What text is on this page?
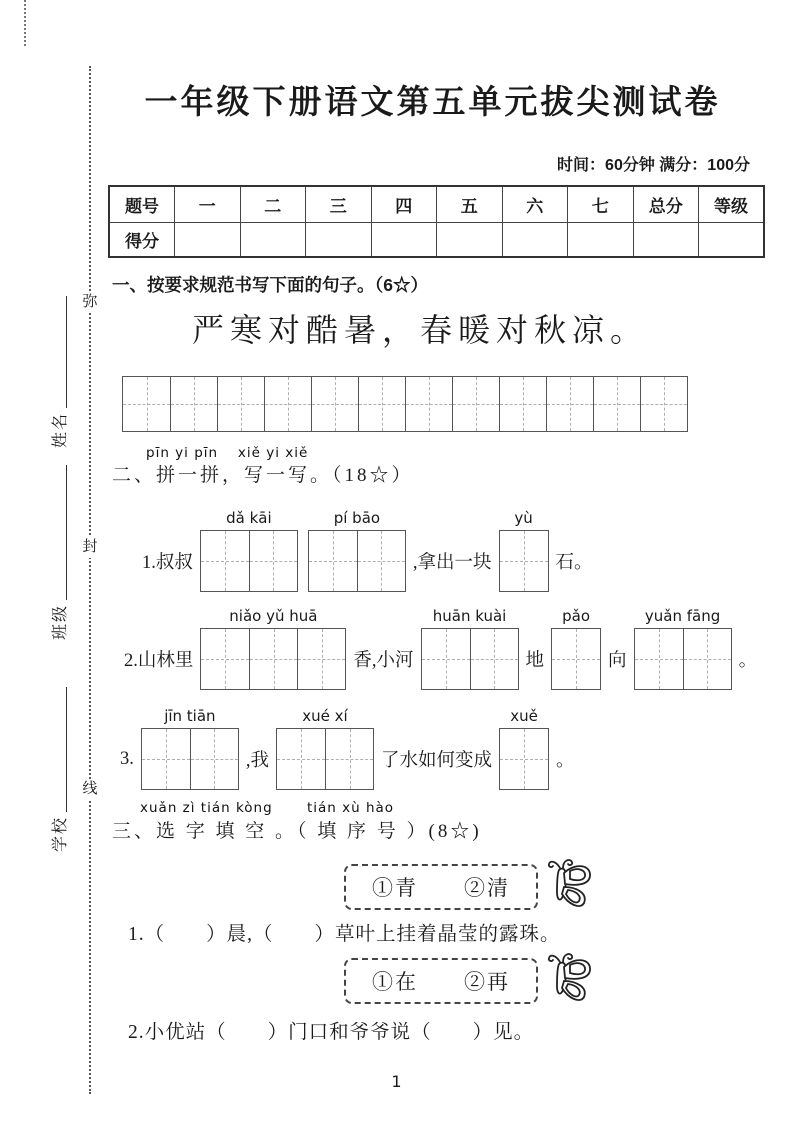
弥
封
线
姓名
班级
学校
一年级下册语文第五单元拔尖测试卷
时间：60分钟 满分：100分
题号	一	二	三	四	五	六	七	总分	等级
得分									
一、按要求规范书写下面的句子。（6☆）
严寒对酷暑，春暖对秋凉。
pīn yi pīn　 xiě yi xiě
二、拼一拼，写一写。（18☆）
1.叔叔
dǎ kāi	pí bāo
,拿出一块
yù
石。
2.山林里
niǎo yǔ huā
香,小河
huān kuài
地
pǎo
向
yuǎn fāng
。
3.
jīn tiān
,我
xué xí
了水如何变成
xuě
。
xuǎn zì tián kòng　　 tián xù hào
三、选 字 填 空 。（ 填 序 号 ）(8☆)
①青　　②清
1.（　　）晨,（　　）草叶上挂着晶莹的露珠。
①在　　②再
2.小优站（　　）门口和爷爷说（　　）见。
1
